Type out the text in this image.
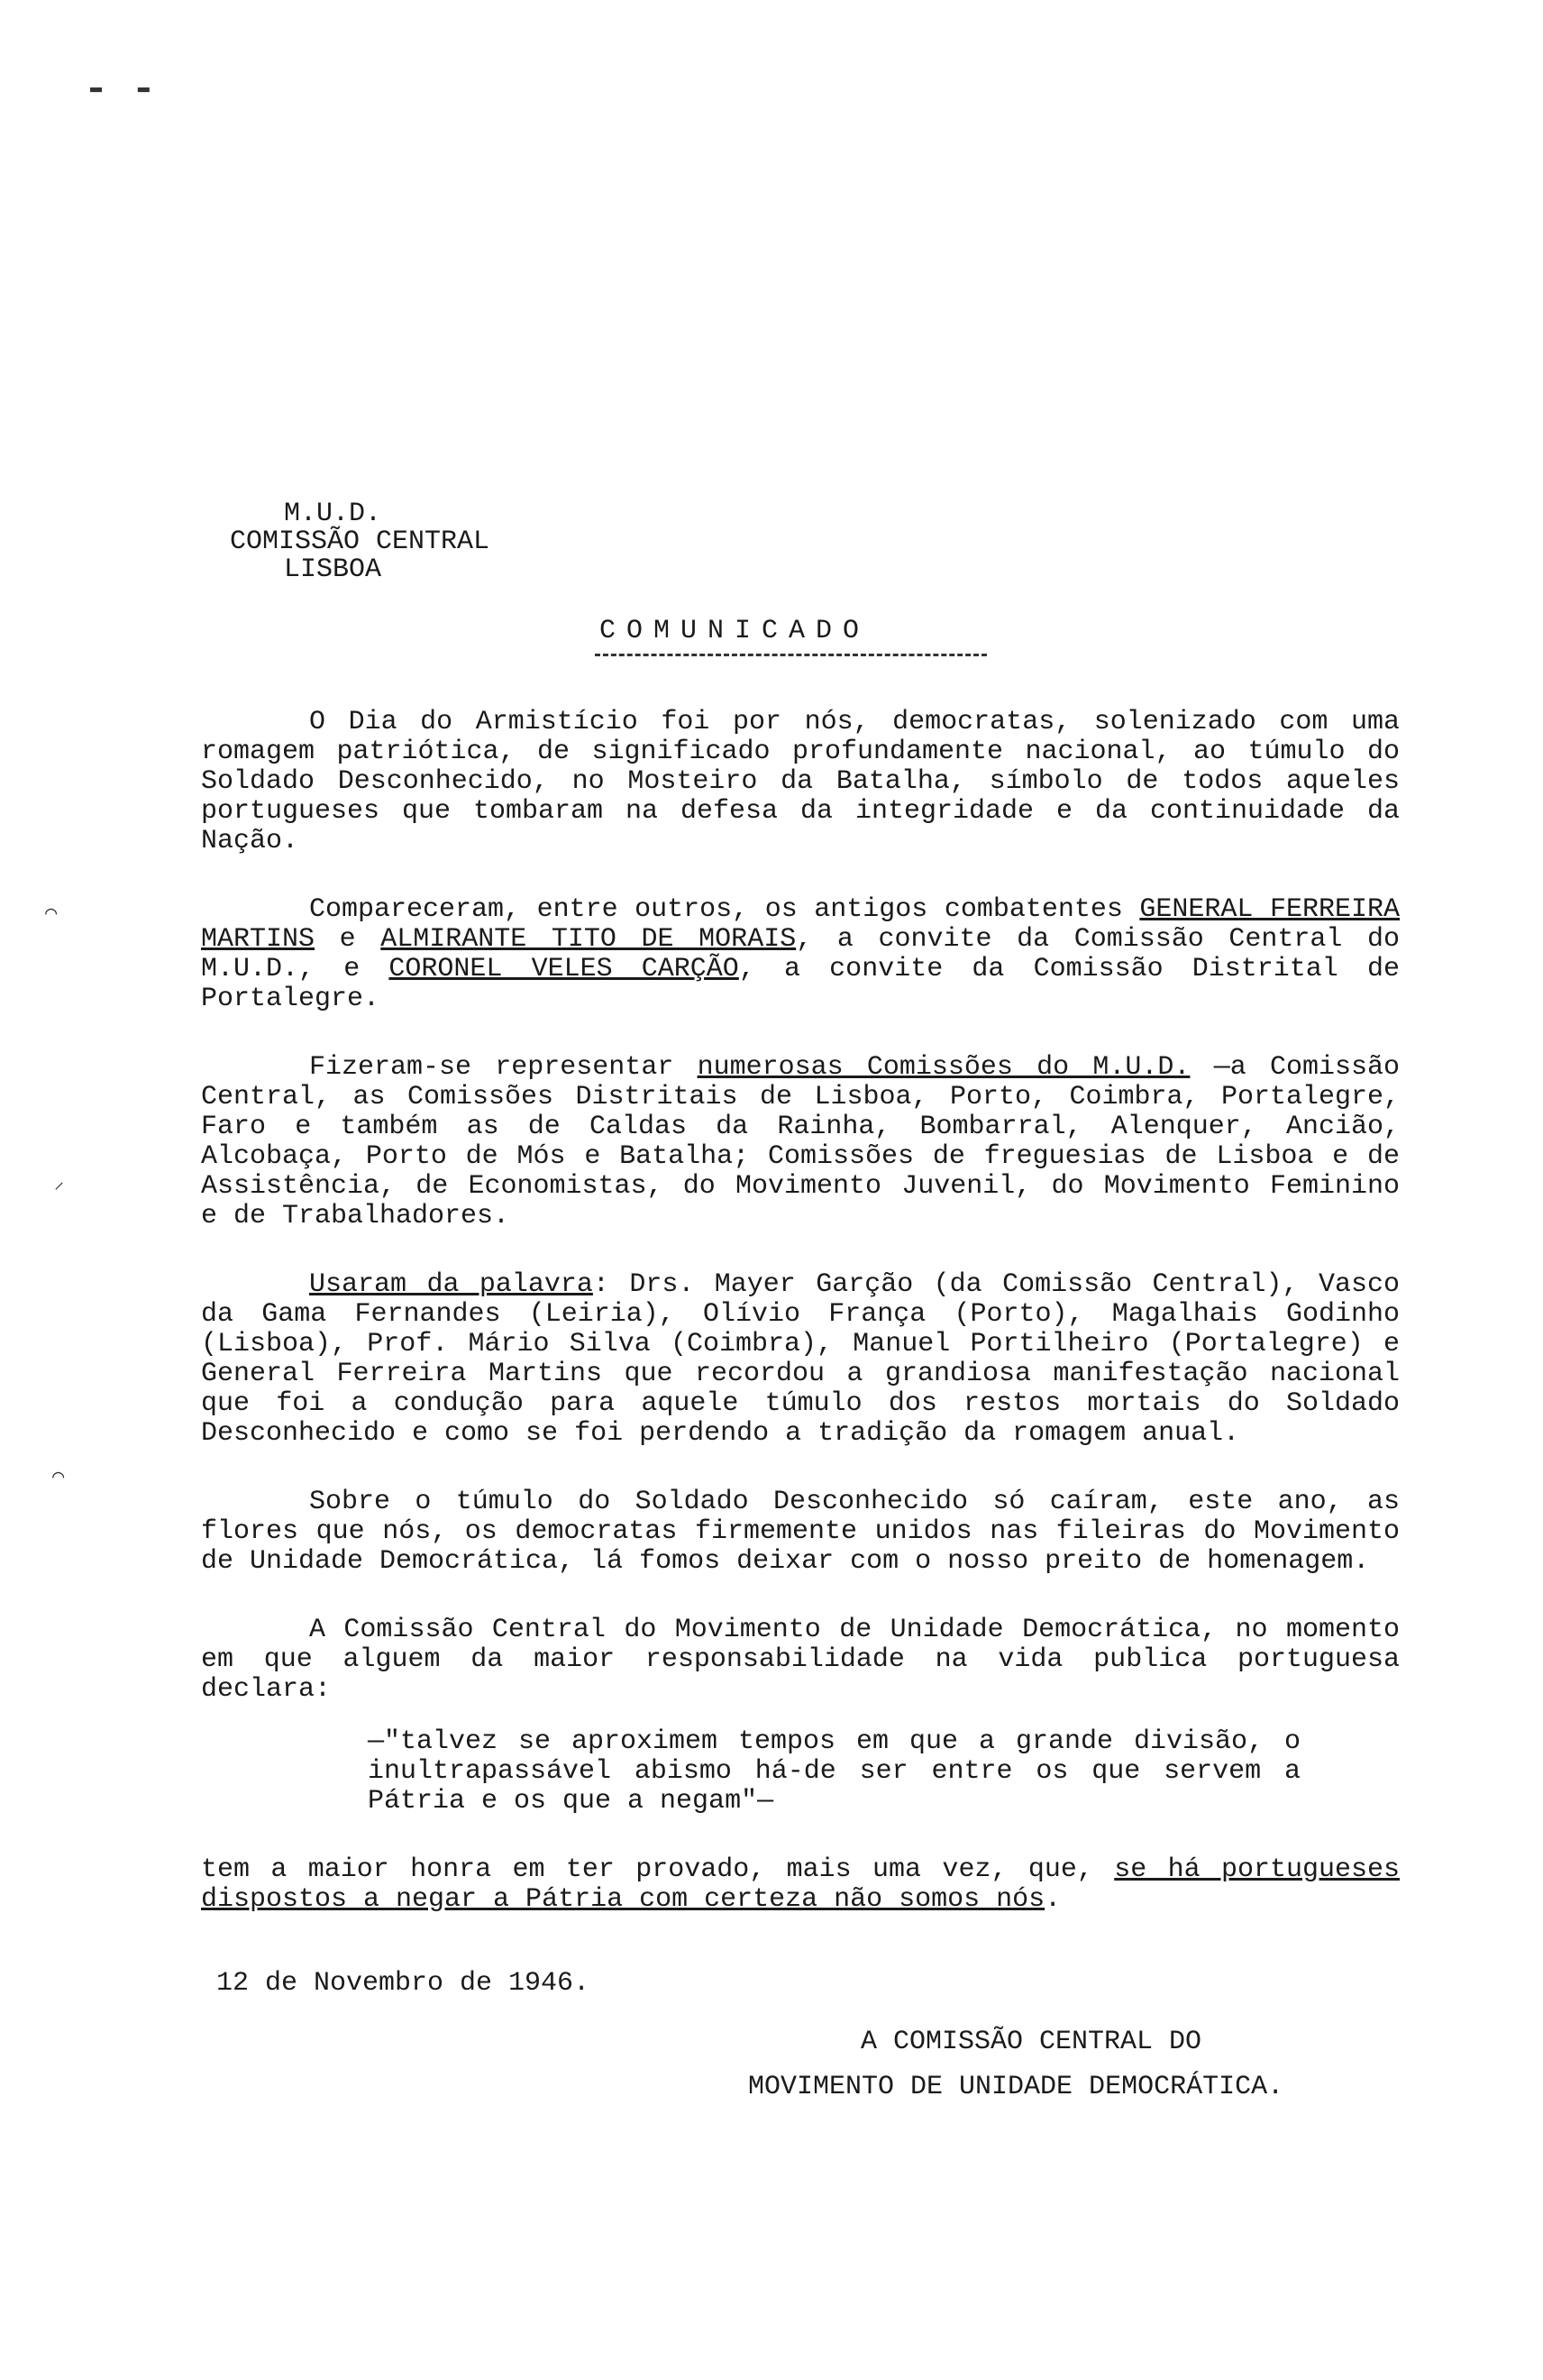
▬   ▬
⌒
⸝
⌒
M.U.D.
COMISSÃO CENTRAL
LISBOA
COMUNICADO

O Dia do Armistício foi por nós, democratas, solenizado com uma romagem patriótica, de significado profundamente nacional, ao túmulo do Soldado Desconhecido, no Mosteiro da Batalha, símbolo de todos aqueles portugueses que tombaram na defesa da integridade e da continuidade da Nação.

Compareceram, entre outros, os antigos combatentes GENERAL FERREIRA MARTINS e ALMIRANTE TITO DE MORAIS, a convite da Comissão Central do M.U.D., e CORONEL VELES CARÇÃO, a convite da Comissão Distrital de Portalegre.

Fizeram-se representar numerosas Comissões do M.U.D. —a Comissão Central, as Comissões Distritais de Lisboa, Porto, Coimbra, Portalegre, Faro e também as de Caldas da Rainha, Bombarral, Alenquer, Ancião, Alcobaça, Porto de Mós e Batalha; Comissões de freguesias de Lisboa e de Assistência, de Economistas, do Movimento Juvenil, do Movimento Feminino e de Trabalhadores.

Usaram da palavra: Drs. Mayer Garção (da Comissão Central), Vasco da Gama Fernandes (Leiria), Olívio França (Porto), Magalhais Godinho (Lisboa), Prof. Mário Silva (Coimbra), Manuel Portilheiro (Portalegre) e General Ferreira Martins que recordou a grandiosa manifestação nacional que foi a condução para aquele túmulo dos restos mortais do Soldado Desconhecido e como se foi perdendo a tradição da romagem anual.

Sobre o túmulo do Soldado Desconhecido só caíram, este ano, as flores que nós, os democratas firmemente unidos nas fileiras do Movimento de Unidade Democrática, lá fomos deixar com o nosso preito de homenagem.

A Comissão Central do Movimento de Unidade Democrática, no momento em que alguem da maior responsabilidade na vida publica portuguesa declara:

—"talvez se aproximem tempos em que a grande divisão, o inultrapassável abismo há-de ser entre os que servem a Pátria e os que a negam"—

tem a maior honra em ter provado, mais uma vez, que, se há portugueses dispostos a negar a Pátria com certeza não somos nós.

12 de Novembro de 1946.
A COMISSÃO CENTRAL DO
MOVIMENTO DE UNIDADE DEMOCRÁTICA.
